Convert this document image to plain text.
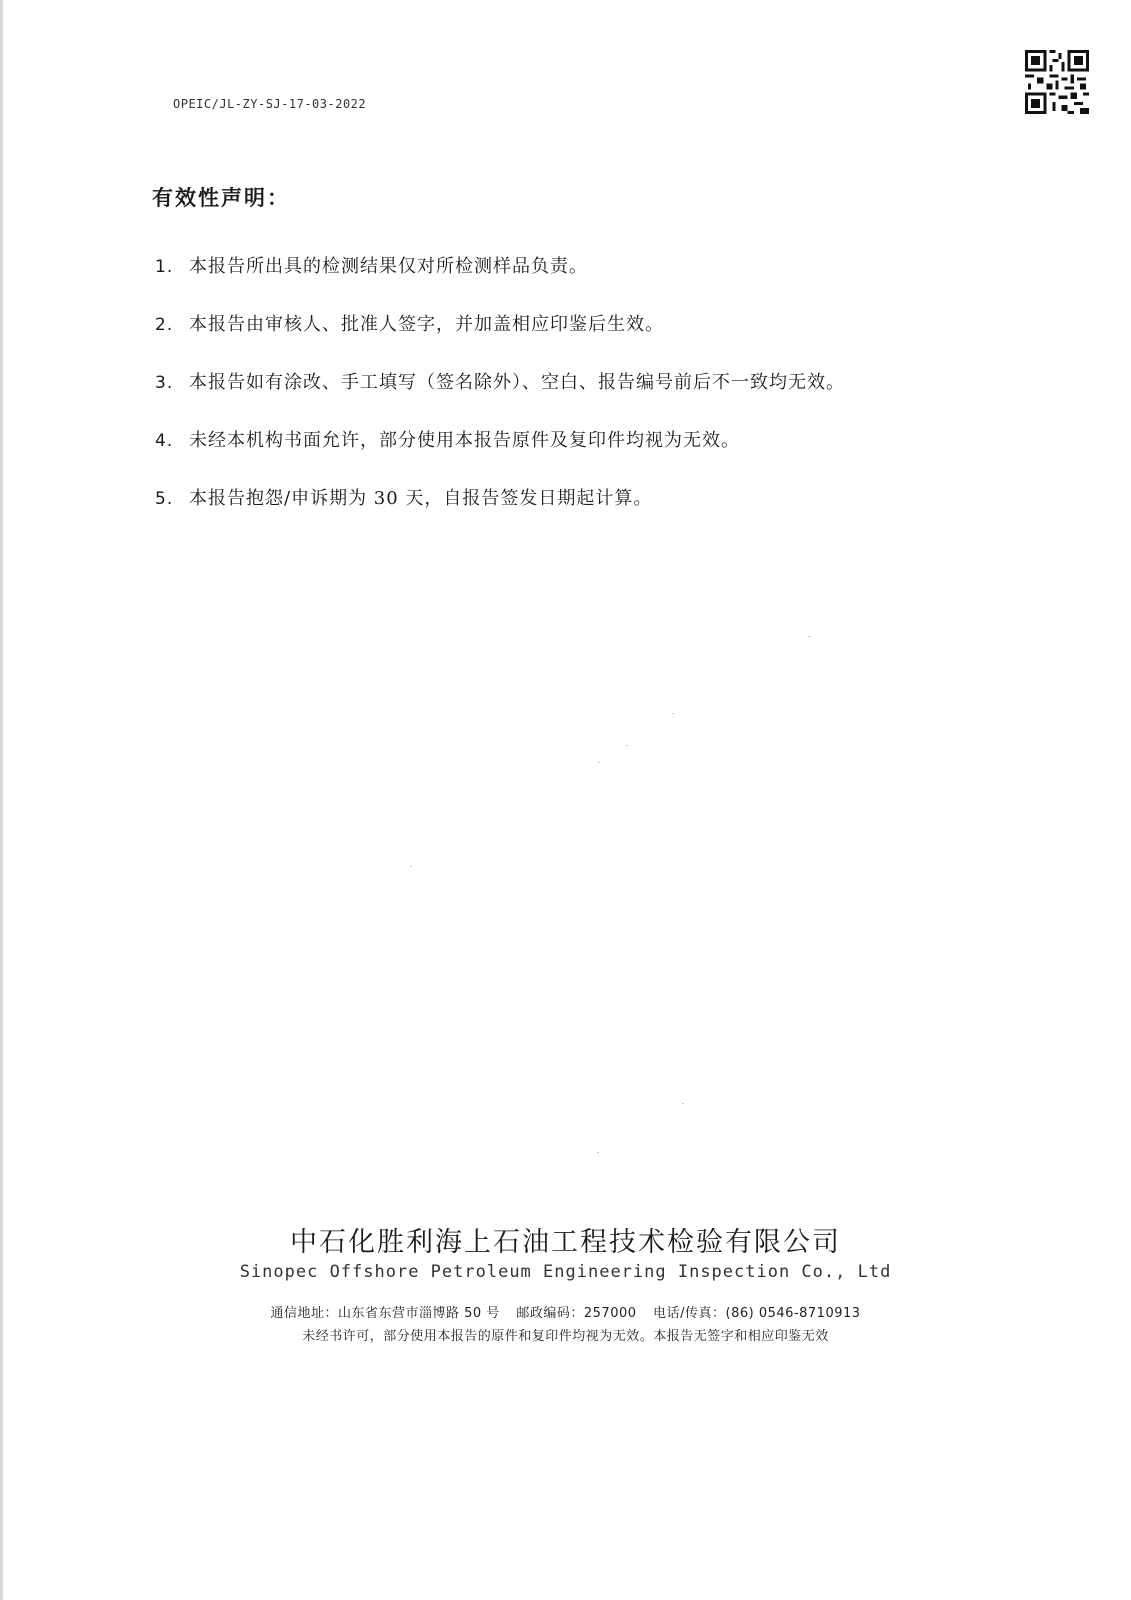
OPEIC/JL-ZY-SJ-17-03-2022
有效性声明：
1. 本报告所出具的检测结果仅对所检测样品负责。
2. 本报告由审核人、批准人签字，并加盖相应印鉴后生效。
3. 本报告如有涂改、手工填写（签名除外）、空白、报告编号前后不一致均无效。
4. 未经本机构书面允许，部分使用本报告原件及复印件均视为无效。
5. 本报告抱怨/申诉期为 30 天，自报告签发日期起计算。
中石化胜利海上石油工程技术检验有限公司
Sinopec Offshore Petroleum Engineering Inspection Co., Ltd
通信地址：山东省东营市淄博路 50 号 邮政编码：257000 电话/传真：(86) 0546-8710913
未经书许可，部分使用本报告的原件和复印件均视为无效。本报告无签字和相应印鉴无效
